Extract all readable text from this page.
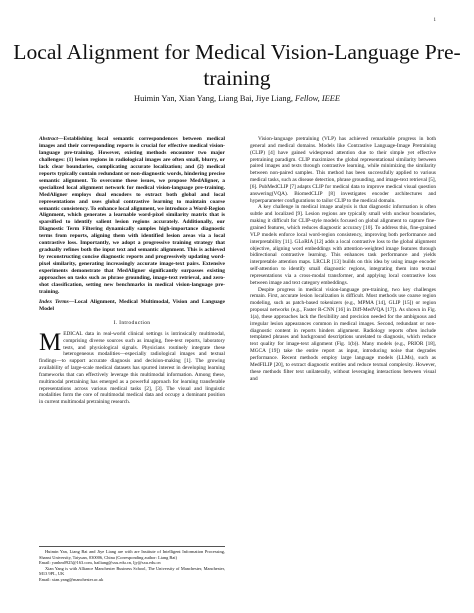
1
Local Alignment for Medical Vision-Language Pre-training
Huimin Yan, Xian Yang, Liang Bai, Jiye Liang, Fellow, IEEE
Abstract—Establishing local semantic correspondences between medical images and their corresponding reports is crucial for effective medical vision-language pre-training. However, existing methods encounter two major challenges: (1) lesion regions in radiological images are often small, blurry, or lack clear boundaries, complicating accurate localization; and (2) medical reports typically contain redundant or non-diagnostic words, hindering precise semantic alignment. To overcome these issues, we propose MedAligner, a specialized local alignment network for medical vision-language pre-training. MedAligner employs dual encoders to extract both global and local representations and uses global contrastive learning to maintain coarse semantic consistency. To enhance local alignment, we introduce a Word-Region Alignment, which generates a learnable word-pixel similarity matrix that is sparsified to identify salient lesion regions accurately. Additionally, our Diagnostic Term Filtering dynamically samples high-importance diagnostic terms from reports, aligning them with identified lesion areas via a local contrastive loss. Importantly, we adopt a progressive training strategy that gradually refines both the input text and semantic alignment. This is achieved by reconstructing concise diagnostic reports and progressively updating word-pixel similarity, generating increasingly accurate image-text pairs. Extensive experiments demonstrate that MedAligner significantly surpasses existing approaches on tasks such as phrase grounding, image-text retrieval, and zero-shot classification, setting new benchmarks in medical vision-language pre-training.
Index Terms—Local Alignment, Medical Multimodal, Vision and Language Model
I. Introduction

MEDICAL data in real-world clinical settings is intrinsically multimodal, comprising diverse sources such as imaging, free-text reports, laboratory tests, and physiological signals. Physicians routinely integrate these heterogeneous modalities—especially radiological images and textual findings—to support accurate diagnosis and decision-making [1]. The growing availability of large-scale medical datasets has spurred interest in developing learning frameworks that can effectively leverage this multimodal information. Among these, multimodal pretraining has emerged as a powerful approach for learning transferable representations across various medical tasks [2], [3]. The visual and linguistic modalities form the core of multimodal medical data and occupy a dominant position in current multimodal pretraining research.

Huimin Yan, Liang Bai and Jiye Liang are with are Institute of Intelligent Information Processing, Shanxi University, Taiyuan, 030006, China (Corresponding author: Liang Bai)

Email: yanhm0925@163.com, bailiang@sxu.edu.cn, ljy@sxu.edu.cn

Xian Yang is with Alliance Manchester Business School, The University of Manchester, Manchester, M13 9PL, UK

Email: xian.yang@manchester.ac.uk

Vision-language pretraining (VLP) has achieved remarkable progress in both general and medical domains. Models like Contrastive Language-Image Pretraining (CLIP) [4] have gained widespread attention due to their simple yet effective pretraining paradigm. CLIP maximizes the global representational similarity between paired images and texts through contrastive learning, while minimizing the similarity between non-paired samples. This method has been successfully applied to various medical tasks, such as disease detection, phrase grounding, and image-text retrieval [5], [6]. PubMedCLIP [7] adapts CLIP for medical data to improve medical visual question answering(VQA). BiomedCLIP [8] investigates encoder architectures and hyperparameter configurations to tailor CLIP to the medical domain.

A key challenge in medical image analysis is that diagnostic information is often subtle and localized [9]. Lesion regions are typically small with unclear boundaries, making it difficult for CLIP-style models focused on global alignment to capture fine-grained features, which reduces diagnostic accuracy [10]. To address this, fine-grained VLP models enforce local word-region consistency, improving both performance and interpretability [11]. GLoRIA [12] adds a local contrastive loss to the global alignment objective, aligning word embeddings with attention-weighted image features through bidirectional contrastive learning. This enhances task performance and yields interpretable attention maps. LRCLR [13] builds on this idea by using image encoder self-attention to identify small diagnostic regions, integrating them into textual representations via a cross-modal transformer, and applying local contrastive loss between image and text category embeddings.

Despite progress in medical vision-language pre-training, two key challenges remain. First, accurate lesion localization is difficult. Most methods use coarse region modeling, such as patch-based tokenizers (e.g., MPMA [14], GLIP [15]) or region proposal networks (e.g., Faster R-CNN [16] in Diff-MedVQA [17]). As shown in Fig. 1(a), these approaches lack the flexibility and precision needed for the ambiguous and irregular lesion appearances common in medical images. Second, redundant or non-diagnostic content in reports hinders alignment. Radiology reports often include templated phrases and background descriptions unrelated to diagnosis, which reduce text quality for image-text alignment (Fig. 1(b)). Many models (e.g., PRIOR [18], MGCA [19]) take the entire report as input, introducing noise that degrades performance. Recent methods employ large language models (LLMs), such as MedFILIP [20], to extract diagnostic entities and reduce textual complexity. However, these methods filter text unilaterally, without leveraging interactions between visual and
